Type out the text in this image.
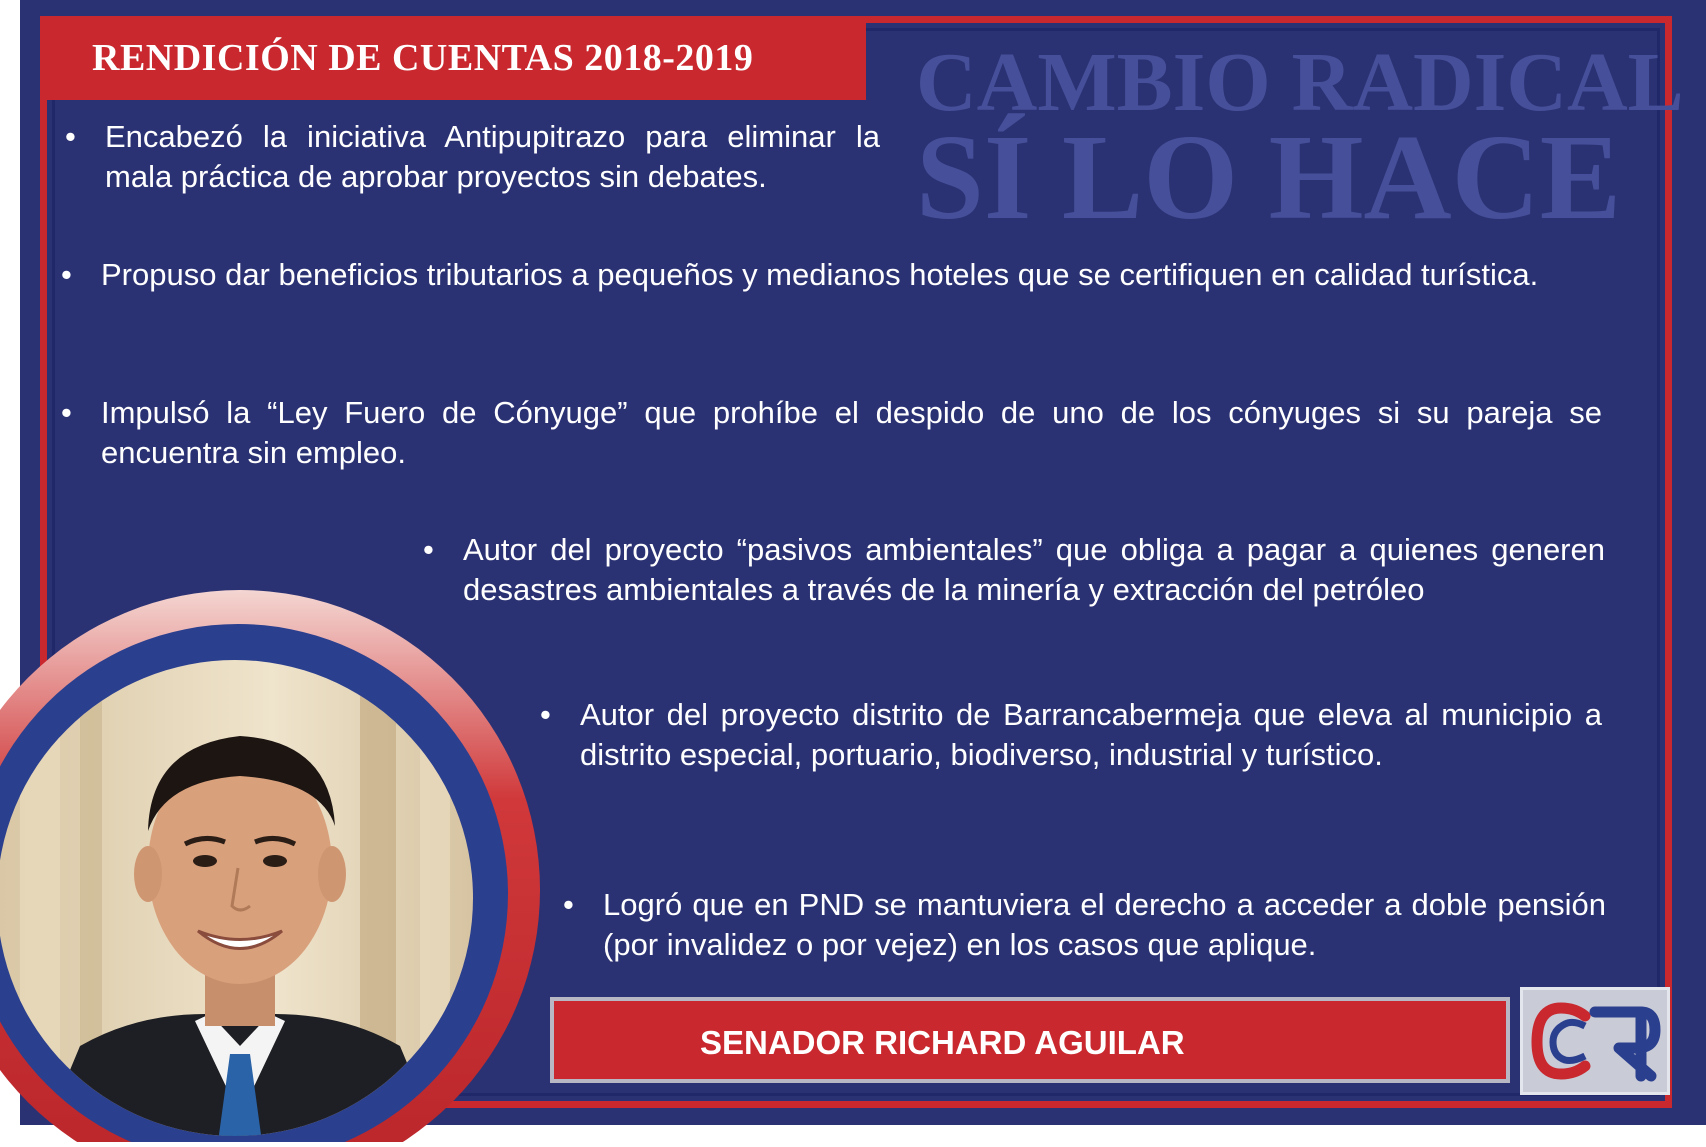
CAMBIO RADICAL
SÍ LO HACE
RENDICIÓN DE CUENTAS 2018-2019
• Encabezó la iniciativa Antipupitrazo para eliminar la mala práctica de aprobar proyectos sin debates.
• Propuso dar beneficios tributarios a pequeños y medianos hoteles que se certifiquen en calidad turística.
• Impulsó la “Ley Fuero de Cónyuge” que prohíbe el despido de uno de los cónyuges si su pareja se encuentra sin empleo.
• Autor del proyecto “pasivos ambientales” que obliga a pagar a quienes generen desastres ambientales a través de la minería y extracción del petróleo
• Autor del proyecto distrito de Barrancabermeja que eleva al municipio a distrito especial, portuario, biodiverso, industrial y turístico.
• Logró que en PND se mantuviera el derecho a acceder a doble pensión (por invalidez o por vejez) en los casos que aplique.
SENADOR RICHARD AGUILAR
